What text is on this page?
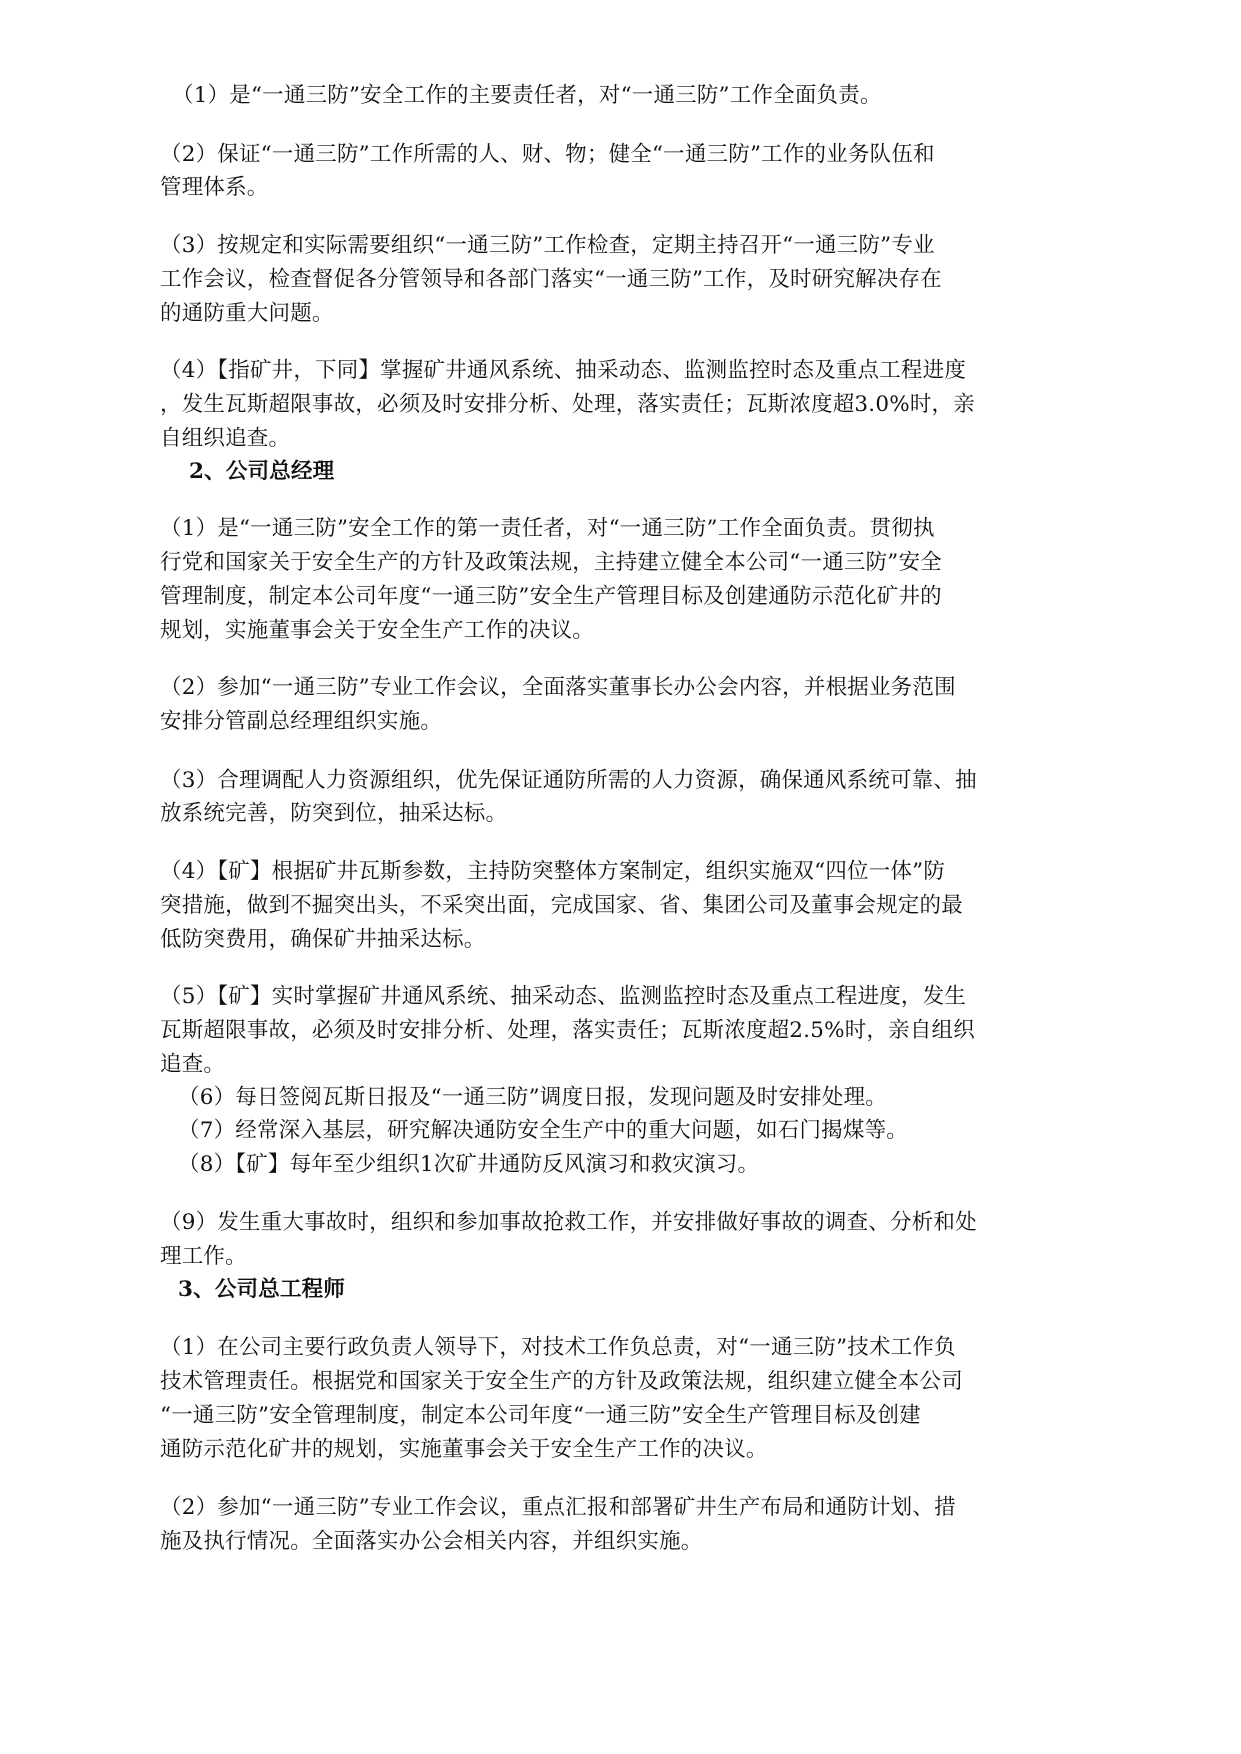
（1）是“一通三防”安全工作的主要责任者，对“一通三防”工作全面负责。
（2）保证“一通三防”工作所需的人、财、物；健全“一通三防”工作的业务队伍和
管理体系。
（3）按规定和实际需要组织“一通三防”工作检查，定期主持召开“一通三防”专业
工作会议，检查督促各分管领导和各部门落实“一通三防”工作，及时研究解决存在
的通防重大问题。
（4）【指矿井，下同】掌握矿井通风系统、抽采动态、监测监控时态及重点工程进度
，发生瓦斯超限事故，必须及时安排分析、处理，落实责任；瓦斯浓度超3.0%时，亲
自组织追查。
2、公司总经理
（1）是“一通三防”安全工作的第一责任者，对“一通三防”工作全面负责。贯彻执
行党和国家关于安全生产的方针及政策法规，主持建立健全本公司“一通三防”安全
管理制度，制定本公司年度“一通三防”安全生产管理目标及创建通防示范化矿井的
规划，实施董事会关于安全生产工作的决议。
（2）参加“一通三防”专业工作会议，全面落实董事长办公会内容，并根据业务范围
安排分管副总经理组织实施。
（3）合理调配人力资源组织，优先保证通防所需的人力资源，确保通风系统可靠、抽
放系统完善，防突到位，抽采达标。
（4）【矿】根据矿井瓦斯参数，主持防突整体方案制定，组织实施双“四位一体”防
突措施，做到不掘突出头，不采突出面，完成国家、省、集团公司及董事会规定的最
低防突费用，确保矿井抽采达标。
（5）【矿】实时掌握矿井通风系统、抽采动态、监测监控时态及重点工程进度，发生
瓦斯超限事故，必须及时安排分析、处理，落实责任；瓦斯浓度超2.5%时，亲自组织
追查。
（6）每日签阅瓦斯日报及“一通三防”调度日报，发现问题及时安排处理。
（7）经常深入基层，研究解决通防安全生产中的重大问题，如石门揭煤等。
（8）【矿】每年至少组织1次矿井通防反风演习和救灾演习。
（9）发生重大事故时，组织和参加事故抢救工作，并安排做好事故的调查、分析和处
理工作。
3、公司总工程师
（1）在公司主要行政负责人领导下，对技术工作负总责，对“一通三防”技术工作负
技术管理责任。根据党和国家关于安全生产的方针及政策法规，组织建立健全本公司
“一通三防”安全管理制度，制定本公司年度“一通三防”安全生产管理目标及创建
通防示范化矿井的规划，实施董事会关于安全生产工作的决议。
（2）参加“一通三防”专业工作会议，重点汇报和部署矿井生产布局和通防计划、措
施及执行情况。全面落实办公会相关内容，并组织实施。
